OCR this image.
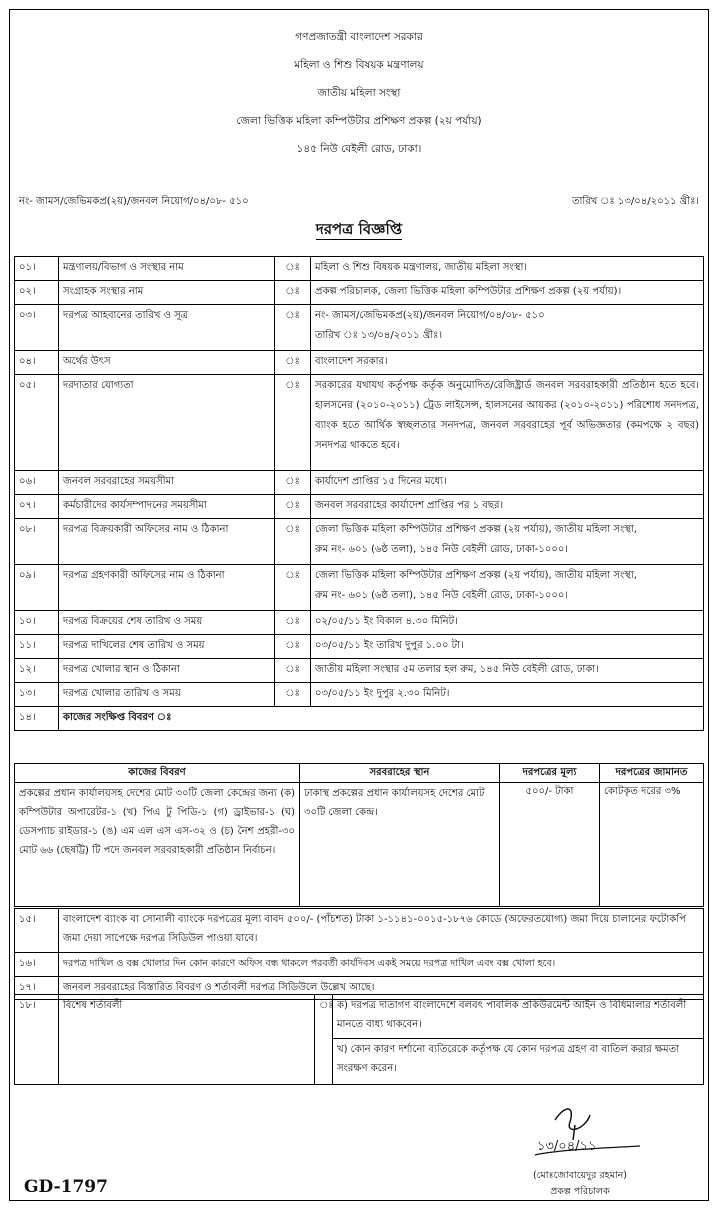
গণপ্রজাতন্ত্রী বাংলাদেশ সরকার
মহিলা ও শিশু বিষয়ক মন্ত্রণালয়
জাতীয় মহিলা সংস্থা
জেলা ভিত্তিক মহিলা কম্পিউটার প্রশিক্ষণ প্রকল্প (২য় পর্যায়)
১৪৫ নিউ বেইলী রোড, ঢাকা।
নং- জামস/জেভিমকপ্র(২য়)/জনবল নিয়োগ/০৪/০৮- ৫১০	তারিখ ঃ ১৩/০৪/২০১১ খ্রীঃ।
দরপত্র বিজ্ঞপ্তি
০১।	মন্ত্রণালয়/বিভাগ ও সংস্থার নাম	ঃ	মহিলা ও শিশু বিষয়ক মন্ত্রণালয়, জাতীয় মহিলা সংস্থা।
০২।	সংগ্রাহক সংস্থার নাম	ঃ	প্রকল্প পরিচালক, জেলা ভিত্তিক মহিলা কম্পিউটার প্রশিক্ষণ প্রকল্প (২য় পর্যায়)।
০৩।	দরপত্র আহবানের তারিখ ও সূত্র	ঃ	নং- জামস/জেভিমকপ্র(২য়)/জনবল নিয়োগ/০৪/০৮- ৫১০
তারিখ ঃ ১৩/০৪/২০১১ খ্রীঃ।

০৪।	অর্থের উৎস	ঃ	বাংলাদেশ সরকার।
০৫।	দরদাতার যোগ্যতা	ঃ	সরকারের যথাযথ কর্তৃপক্ষ কর্তৃক অনুমোদিত/রেজিষ্ট্রার্ড জনবল সরবরাহকারী প্রতিষ্ঠান হতে হবে। হালসনের (২০১০-২০১১) ট্রেড লাইসেন্স, হালসনের আয়কর (২০১০-২০১১) পরিশোধ সনদপত্র, ব্যাংক হতে আর্থিক স্বচ্ছলতার সনদপত্র, জনবল সরবরাহের পূর্ব অভিজ্ঞতার (কমপক্ষে ২ বছর) সনদপত্র থাকতে হবে।
০৬।	জনবল সরবরাহের সময়সীমা	ঃ	কার্যাদেশ প্রাপ্তির ১৫ দিনের মধ্যে।
০৭।	কর্মচারীদের কার্যসম্পাদনের সময়সীমা	ঃ	জনবল সরবরাহের কার্যাদেশ প্রাপ্তির পর ১ বছর।
০৮।	দরপত্র বিক্রয়কারী অফিসের নাম ও ঠিকানা	ঃ	জেলা ভিত্তিক মহিলা কম্পিউটার প্রশিক্ষণ প্রকল্প (২য় পর্যায়), জাতীয় মহিলা সংস্থা,
রুম নং- ৬০১ (৬ষ্ঠ তলা), ১৪৫ নিউ বেইলী রোড, ঢাকা-১০০০।

০৯।	দরপত্র গ্রহণকারী অফিসের নাম ও ঠিকানা	ঃ	জেলা ভিত্তিক মহিলা কম্পিউটার প্রশিক্ষণ প্রকল্প (২য় পর্যায়), জাতীয় মহিলা সংস্থা,
রুম নং- ৬০১ (৬ষ্ঠ তলা), ১৪৫ নিউ বেইলী রোড, ঢাকা-১০০০।

১০।	দরপত্র বিক্রয়ের শেষ তারিখ ও সময়	ঃ	০২/০৫/১১ ইং বিকাল ৪.৩০ মিনিট।
১১।	দরপত্র দাখিলের শেষ তারিখ ও সময়	ঃ	০৩/০৫/১১ ইং তারিখ দুপুর ১.০০ টা।
১২।	দরপত্র খোলার স্থান ও ঠিকানা	ঃ	জাতীয় মহিলা সংস্থার ৫ম তলার হল রুম, ১৪৫ নিউ বেইলী রোড, ঢাকা।
১৩।	দরপত্র খোলার তারিখ ও সময়	ঃ	০৩/০৫/১১ ইং দুপুর ২.৩০ মিনিট।
১৪।	কাজের সংক্ষিপ্ত বিবরণ ঃ		
কাজের বিবরণ	সরবরাহের স্থান	দরপত্রের মূল্য	দরপত্রের জামানত
প্রকল্পের প্রধান কার্যালয়সহ দেশের মোট ৩০টি জেলা কেন্দ্রের জন্য (ক) কম্পিউটার অপারেটর-১ (খ) পিএ টু পিডি-১ (গ) ড্রাইভার-১ (ঘ) ডেসপ্যাচ রাইডার-১ (ঙ) এম এল এস এস-৩২ ও (চ) নৈশ প্রহরী-৩০ মোট ৬৬ (ছেষট্টি) টি পদে জনবল সরবরাহকারী প্রতিষ্ঠান নির্বাচন।	ঢাকাস্থ প্রকল্পের প্রধান কার্যালয়সহ দেশের মোট ৩০টি জেলা কেন্দ্র।	৫০০/- টাকা	কোটকৃত দরের ৩%
১৫।	বাংলাদেশ ব্যাংক বা সোনালী ব্যাংকে দরপত্রের মূল্য বাবদ ৫০০/- (পাঁচশত) টাকা ১-১১৪১-০০১৫-১৮৭৬ কোডে (অফেরতযোগ্য) জমা দিয়ে চালানের ফটোকপি জমা দেয়া সাপেক্ষে দরপত্র সিডিউল পাওয়া যাবে।
১৬।	দরপত্র দাখিল ও বক্স খোলার দিন কোন কারণে অফিস বন্ধ থাকলে পরবর্তী কার্যদিবস একই সময়ে দরপত্র দাখিল এবং বক্স খোলা হবে।
১৭।	জনবল সরবরাহের বিস্তারিত বিবরণ ও শর্তাবলী দরপত্র সিডিউলে উল্লেখ আছে।
১৮।	বিশেষ শর্তাবলী	ঃ	ক) দরপত্র দাতাগণ বাংলাদেশে বলবৎ পাবলিক প্রকিউরমেন্ট আইন ও বিধিমালার শর্তাবলী মানতে বাধ্য থাকবেন।
খ) কোন কারণ দর্শানো ব্যতিরেকে কর্তৃপক্ষ যে কোন দরপত্র গ্রহণ বা বাতিল করার ক্ষমতা সংরক্ষণ করেন।
GD-1797
১৩/০৪/১১
(মোঃজোবায়েদুর রহমান)
প্রকল্প পরিচালক
